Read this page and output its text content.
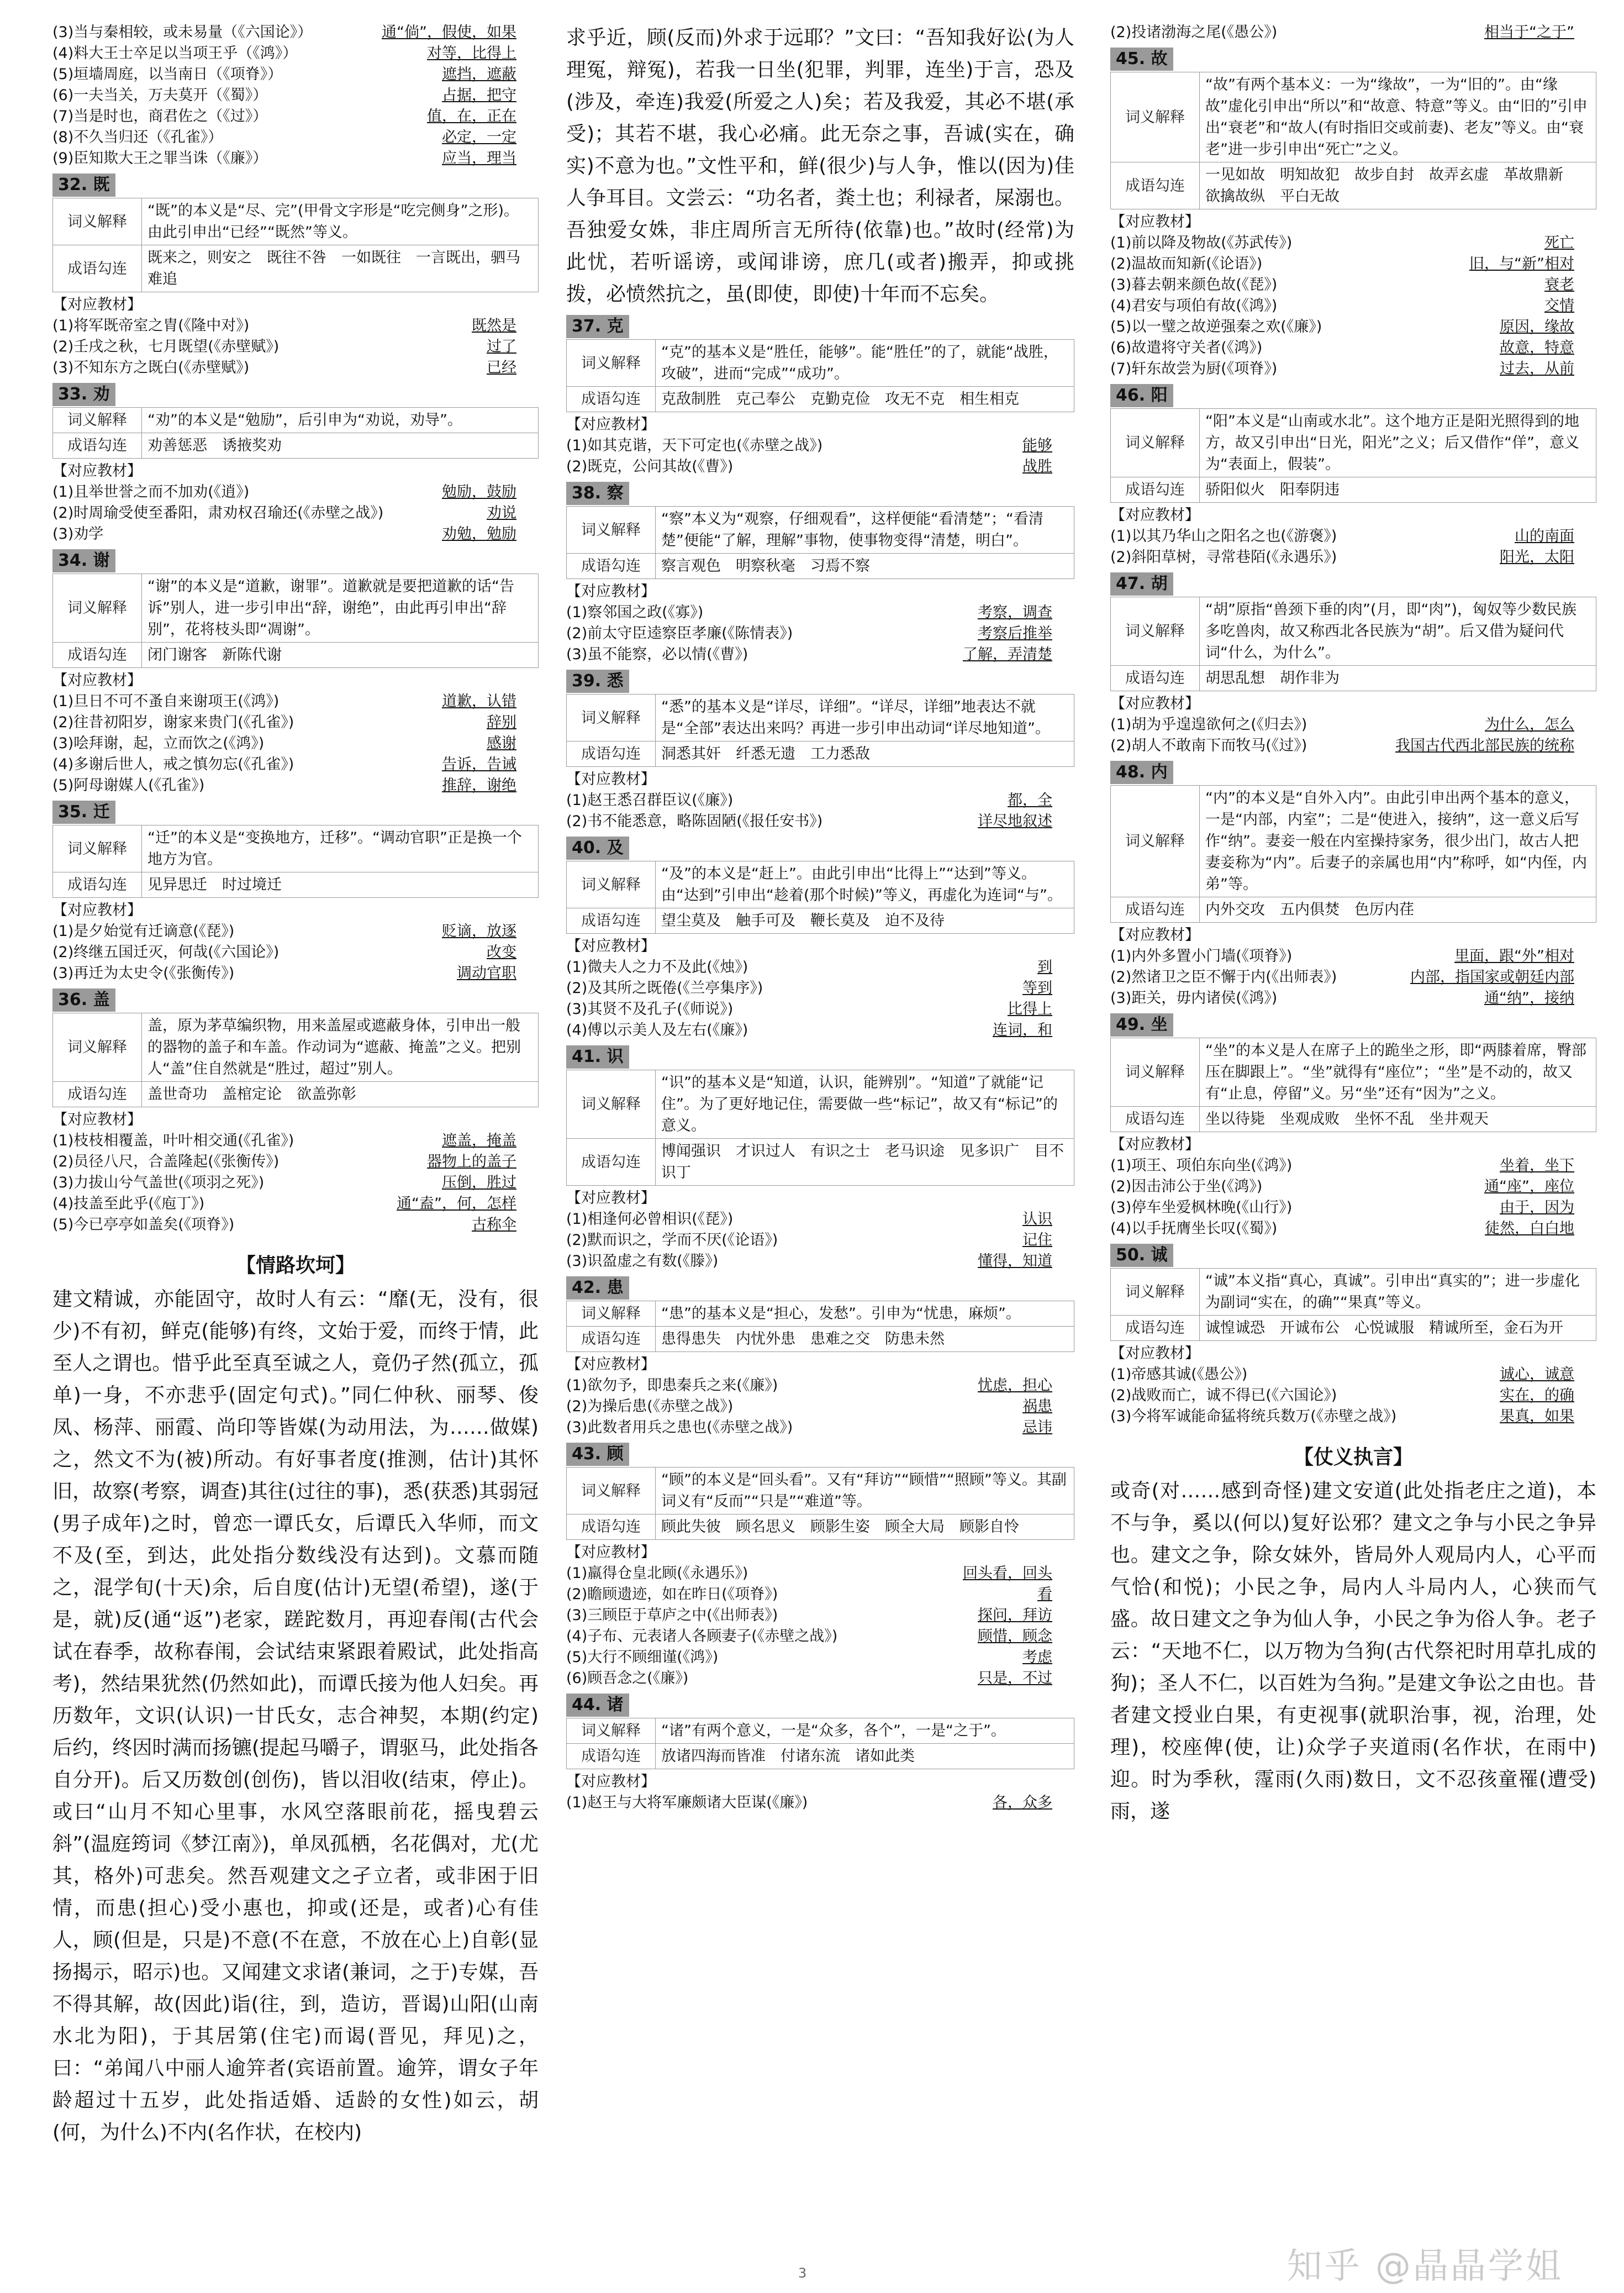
(3)当与秦相较，或未易量（《六国论》）	通“倘”，假使，如果
(4)料大王士卒足以当项王乎（《鸿》）	对等，比得上
(5)垣墙周庭，以当南日（《项脊》）	遮挡，遮蔽
(6)一夫当关，万夫莫开（《蜀》）	占据，把守
(7)当是时也，商君佐之（《过》）	值，在，正在
(8)不久当归还（《孔雀》）	必定，一定
(9)臣知欺大王之罪当诛（《廉》）	应当，理当
32. 既
词义解释	“既”的本义是“尽、完”(甲骨文字形是“吃完侧身”之形)。由此引申出“已经”“既然”等义。
成语勾连	既来之，则安之　既往不咎　一如既往　一言既出，驷马难追
【对应教材】
(1)将军既帝室之胄(《隆中对》)	既然是
(2)壬戌之秋，七月既望(《赤壁赋》)	过了
(3)不知东方之既白(《赤壁赋》)	已经
33. 劝
词义解释	“劝”的本义是“勉励”，后引申为“劝说，劝导”。
成语勾连	劝善惩恶　诱掖奖劝
【对应教材】
(1)且举世誉之而不加劝(《逍》)	勉励，鼓励
(2)时周瑜受使至番阳，肃劝权召瑜还(《赤壁之战》)	劝说
(3)劝学	劝勉，勉励
34. 谢
词义解释	“谢”的本义是“道歉，谢罪”。道歉就是要把道歉的话“告诉”别人，进一步引申出“辞，谢绝”，由此再引申出“辞别”，花将枝头即“凋谢”。
成语勾连	闭门谢客　新陈代谢
【对应教材】
(1)旦日不可不蚤自来谢项王(《鸿》)	道歉，认错
(2)往昔初阳岁，谢家来贵门(《孔雀》)	辞别
(3)哙拜谢，起，立而饮之(《鸿》)	感谢
(4)多谢后世人，戒之慎勿忘(《孔雀》)	告诉，告诫
(5)阿母谢媒人(《孔雀》)	推辞，谢绝
35. 迁
词义解释	“迁”的本义是“变换地方，迁移”。“调动官职”正是换一个地方为官。
成语勾连	见异思迁　时过境迁
【对应教材】
(1)是夕始觉有迁谪意(《琵》)	贬谪，放逐
(2)终继五国迁灭，何哉(《六国论》)	改变
(3)再迁为太史令(《张衡传》)	调动官职
36. 盖
词义解释	盖，原为茅草编织物，用来盖屋或遮蔽身体，引申出一般的器物的盖子和车盖。作动词为“遮蔽、掩盖”之义。把别人“盖”住自然就是“胜过，超过”别人。
成语勾连	盖世奇功　盖棺定论　欲盖弥彰
【对应教材】
(1)枝枝相覆盖，叶叶相交通(《孔雀》)	遮盖，掩盖
(2)员径八尺，合盖隆起(《张衡传》)	器物上的盖子
(3)力拔山兮气盖世(《项羽之死》)	压倒，胜过
(4)技盖至此乎(《庖丁》)	通“盍”，何，怎样
(5)今已亭亭如盖矣(《项脊》)	古称伞
【情路坎坷】
建文精诚，亦能固守，故时人有云：“靡(无，没有，很少)不有初，鲜克(能够)有终，文始于爱，而终于情，此至人之谓也。惜乎此至真至诚之人，竟仍孑然(孤立，孤单)一身，不亦悲乎(固定句式)。”同仁仲秋、丽琴、俊凤、杨萍、丽霞、尚印等皆媒(为动用法，为……做媒)之，然文不为(被)所动。有好事者度(推测，估计)其怀旧，故察(考察，调查)其往(过往的事)，悉(获悉)其弱冠(男子成年)之时，曾恋一谭氏女，后谭氏入华师，而文不及(至，到达，此处指分数线没有达到)。文慕而随之，混学旬(十天)余，后自度(估计)无望(希望)，遂(于是，就)反(通“返”)老家，蹉跎数月，再迎春闱(古代会试在春季，故称春闱，会试结束紧跟着殿试，此处指高考)，然结果犹然(仍然如此)，而谭氏接为他人妇矣。再历数年，文识(认识)一甘氏女，志合神契，本期(约定)后约，终因时满而扬镳(提起马嚼子，谓驱马，此处指各自分开)。后又历数创(创伤)，皆以泪收(结束，停止)。或曰“山月不知心里事，水风空落眼前花，摇曳碧云斜”(温庭筠词《梦江南》)，单凤孤栖，名花偶对，尤(尤其，格外)可悲矣。然吾观建文之孑立者，或非困于旧情，而患(担心)受小惠也，抑或(还是，或者)心有佳人，顾(但是，只是)不意(不在意，不放在心上)自彰(显扬揭示，昭示)也。又闻建文求诸(兼词，之于)专媒，吾不得其解，故(因此)诣(往，到，造访，晋谒)山阳(山南水北为阳)，于其居第(住宅)而谒(晋见，拜见)之，曰：“弟闻八中丽人逾笄者(宾语前置。逾笄，谓女子年龄超过十五岁，此处指适婚、适龄的女性)如云，胡(何，为什么)不内(名作状，在校内)
求乎近，顾(反而)外求于远耶？”文曰：“吾知我好讼(为人理冤，辩冤)，若我一日坐(犯罪，判罪，连坐)于言，恐及(涉及，牵连)我爱(所爱之人)矣；若及我爱，其必不堪(承受)；其若不堪，我心必痛。此无奈之事，吾诚(实在，确实)不意为也。”文性平和，鲜(很少)与人争，惟以(因为)佳人争耳目。文尝云：“功名者，粪土也；利禄者，屎溺也。吾独爱女姝，非庄周所言无所待(依靠)也。”故时(经常)为此忧，若听谣谤，或闻诽谤，庶几(或者)搬弄，抑或挑拨，必愤然抗之，虽(即使，即使)十年而不忘矣。
37. 克
词义解释	“克”的基本义是“胜任，能够”。能“胜任”的了，就能“战胜，攻破”，进而“完成”“成功”。
成语勾连	克敌制胜　克己奉公　克勤克俭　攻无不克　相生相克
【对应教材】
(1)如其克谐，天下可定也(《赤壁之战》)	能够
(2)既克，公问其故(《曹》)	战胜
38. 察
词义解释	“察”本义为“观察，仔细观看”，这样便能“看清楚”；“看清楚”便能“了解，理解”事物，使事物变得“清楚，明白”。
成语勾连	察言观色　明察秋毫　习焉不察
【对应教材】
(1)察邻国之政(《寡》)	考察，调查
(2)前太守臣逵察臣孝廉(《陈情表》)	考察后推举
(3)虽不能察，必以情(《曹》)	了解，弄清楚
39. 悉
词义解释	“悉”的基本义是“详尽，详细”。“详尽，详细”地表达不就是“全部”表达出来吗？再进一步引申出动词“详尽地知道”。
成语勾连	洞悉其奸　纤悉无遗　工力悉敌
【对应教材】
(1)赵王悉召群臣议(《廉》)	都，全
(2)书不能悉意，略陈固陋(《报任安书》)	详尽地叙述
40. 及
词义解释	“及”的本义是“赶上”。由此引申出“比得上”“达到”等义。由“达到”引申出“趁着(那个时候)”等义，再虚化为连词“与”。
成语勾连	望尘莫及　触手可及　鞭长莫及　迫不及待
【对应教材】
(1)微夫人之力不及此(《烛》)	到
(2)及其所之既倦(《兰亭集序》)	等到
(3)其贤不及孔子(《师说》)	比得上
(4)傅以示美人及左右(《廉》)	连词，和
41. 识
词义解释	“识”的基本义是“知道，认识，能辨别”。“知道”了就能“记住”。为了更好地记住，需要做一些“标记”，故又有“标记”的意义。
成语勾连	博闻强识　才识过人　有识之士　老马识途　见多识广　目不识丁
【对应教材】
(1)相逢何必曾相识(《琵》)	认识
(2)默而识之，学而不厌(《论语》)	记住
(3)识盈虚之有数(《滕》)	懂得，知道
42. 患
词义解释	“患”的基本义是“担心，发愁”。引申为“忧患，麻烦”。
成语勾连	患得患失　内忧外患　患难之交　防患未然
【对应教材】
(1)欲勿予，即患秦兵之来(《廉》)	忧虑，担心
(2)为操后患(《赤壁之战》)	祸患
(3)此数者用兵之患也(《赤壁之战》)	忌讳
43. 顾
词义解释	“顾”的本义是“回头看”。又有“拜访”“顾惜”“照顾”等义。其副词义有“反而”“只是”“难道”等。
成语勾连	顾此失彼　顾名思义　顾影生姿　顾全大局　顾影自怜
【对应教材】
(1)羸得仓皇北顾(《永遇乐》)	回头看，回头
(2)瞻顾遗迹，如在昨日(《项脊》)	看
(3)三顾臣于草庐之中(《出师表》)	探问，拜访
(4)子布、元表诸人各顾妻子(《赤壁之战》)	顾惜，顾念
(5)大行不顾细谨(《鸿》)	考虑
(6)顾吾念之(《廉》)	只是，不过
44. 诸
词义解释	“诸”有两个意义，一是“众多，各个”，一是“之于”。
成语勾连	放诸四海而皆准　付诸东流　诸如此类
【对应教材】
(1)赵王与大将军廉颇诸大臣谋(《廉》)	各，众多
(2)投诸渤海之尾(《愚公》)	相当于“之于”
45. 故
词义解释	“故”有两个基本义：一为“缘故”，一为“旧的”。由“缘故”虚化引申出“所以”和“故意、特意”等义。由“旧的”引申出“衰老”和“故人(有时指旧交或前妻)、老友”等义。由“衰老”进一步引申出“死亡”之义。
成语勾连	一见如故　明知故犯　故步自封　故弄玄虚　革故鼎新　欲擒故纵　平白无故
【对应教材】
(1)前以降及物故(《苏武传》)	死亡
(2)温故而知新(《论语》)	旧，与“新”相对
(3)暮去朝来颜色故(《琵》)	衰老
(4)君安与项伯有故(《鸿》)	交情
(5)以一璧之故逆强秦之欢(《廉》)	原因，缘故
(6)故遣将守关者(《鸿》)	故意，特意
(7)轩东故尝为厨(《项脊》)	过去，从前
46. 阳
词义解释	“阳”本义是“山南或水北”。这个地方正是阳光照得到的地方，故又引申出“日光，阳光”之义；后又借作“佯”，意义为“表面上，假装”。
成语勾连	骄阳似火　阳奉阴违
【对应教材】
(1)以其乃华山之阳名之也(《游褒》)	山的南面
(2)斜阳草树，寻常巷陌(《永遇乐》)	阳光，太阳
47. 胡
词义解释	“胡”原指“兽颈下垂的肉”(月，即“肉”)，匈奴等少数民族多吃兽肉，故又称西北各民族为“胡”。后又借为疑问代词“什么，为什么”。
成语勾连	胡思乱想　胡作非为
【对应教材】
(1)胡为乎遑遑欲何之(《归去》)	为什么，怎么
(2)胡人不敢南下而牧马(《过》)	我国古代西北部民族的统称
48. 内
词义解释	“内”的本义是“自外入内”。由此引申出两个基本的意义，一是“内部，内室”；二是“使进入，接纳”，这一意义后写作“纳”。妻妾一般在内室操持家务，很少出门，故古人把妻妾称为“内”。后妻子的亲属也用“内”称呼，如“内侄，内弟”等。
成语勾连	内外交攻　五内俱焚　色厉内荏
【对应教材】
(1)内外多置小门墙(《项脊》)	里面，跟“外”相对
(2)然诸卫之臣不懈于内(《出师表》)	内部，指国家或朝廷内部
(3)距关，毋内诸侯(《鸿》)	通“纳”，接纳
49. 坐
词义解释	“坐”的本义是人在席子上的跪坐之形，即“两膝着席，臀部压在脚跟上”。“坐”就得有“座位”；“坐”是不动的，故又有“止息，停留”义。另“坐”还有“因为”之义。
成语勾连	坐以待毙　坐观成败　坐怀不乱　坐井观天
【对应教材】
(1)项王、项伯东向坐(《鸿》)	坐着，坐下
(2)因击沛公于坐(《鸿》)	通“座”，座位
(3)停车坐爱枫林晚(《山行》)	由于，因为
(4)以手抚膺坐长叹(《蜀》)	徒然，白白地
50. 诚
词义解释	“诚”本义指“真心，真诚”。引申出“真实的”；进一步虚化为副词“实在，的确”“果真”等义。
成语勾连	诚惶诚恐　开诚布公　心悦诚服　精诚所至，金石为开
【对应教材】
(1)帝感其诚(《愚公》)	诚心，诚意
(2)战败而亡，诚不得已(《六国论》)	实在，的确
(3)今将军诚能命猛将统兵数万(《赤壁之战》)	果真，如果
【仗义执言】
或奇(对……感到奇怪)建文安道(此处指老庄之道)，本不与争，奚以(何以)复好讼邪？建文之争与小民之争异也。建文之争，除女妹外，皆局外人观局内人，心平而气恰(和悦)；小民之争，局内人斗局内人，心狭而气盛。故日建文之争为仙人争，小民之争为俗人争。老子云：“天地不仁，以万物为刍狗(古代祭祀时用草扎成的狗)；圣人不仁，以百姓为刍狗。”是建文争讼之由也。昔者建文授业白果，有吏视事(就职治事，视，治理，处理)，校座俾(使，让)众学子夹道雨(名作状，在雨中)迎。时为季秋，霪雨(久雨)数日，文不忍孩童罹(遭受)雨，遂
3	知乎 @晶晶学姐
